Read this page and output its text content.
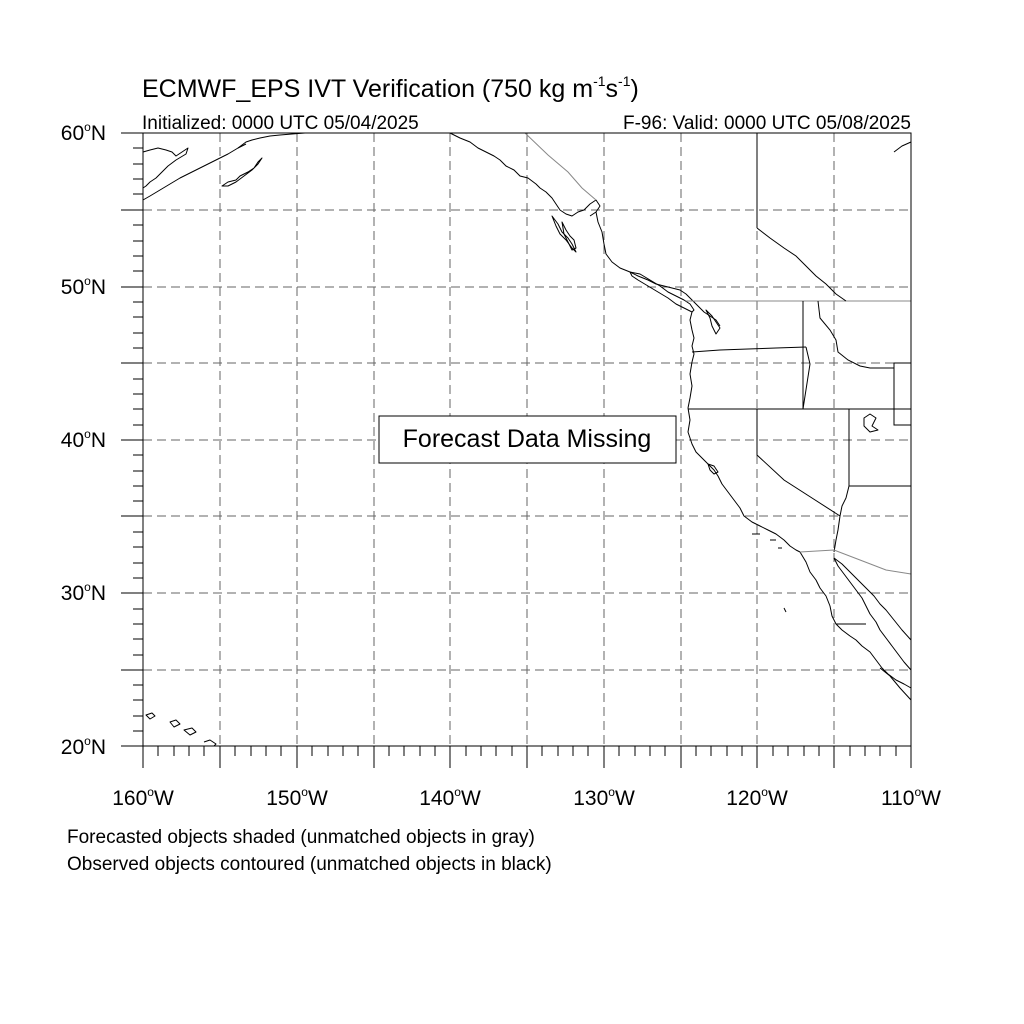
ECMWF_EPS IVT Verification (750 kg $m^{-1}s^{-1}$)
Initialized: 0000 UTC 05/04/2025	F-96: Valid: 0000 UTC 05/08/2025
60$^o$N
50$^o$N
40$^o$N
30$^o$N
20$^o$N
160$^o$W	150$^o$W	140$^o$W	130$^o$W	120$^o$W	110$^o$W
Forecast Data Missing
Forecasted objects shaded (unmatched objects in gray)
Observed objects contoured (unmatched objects in black)
